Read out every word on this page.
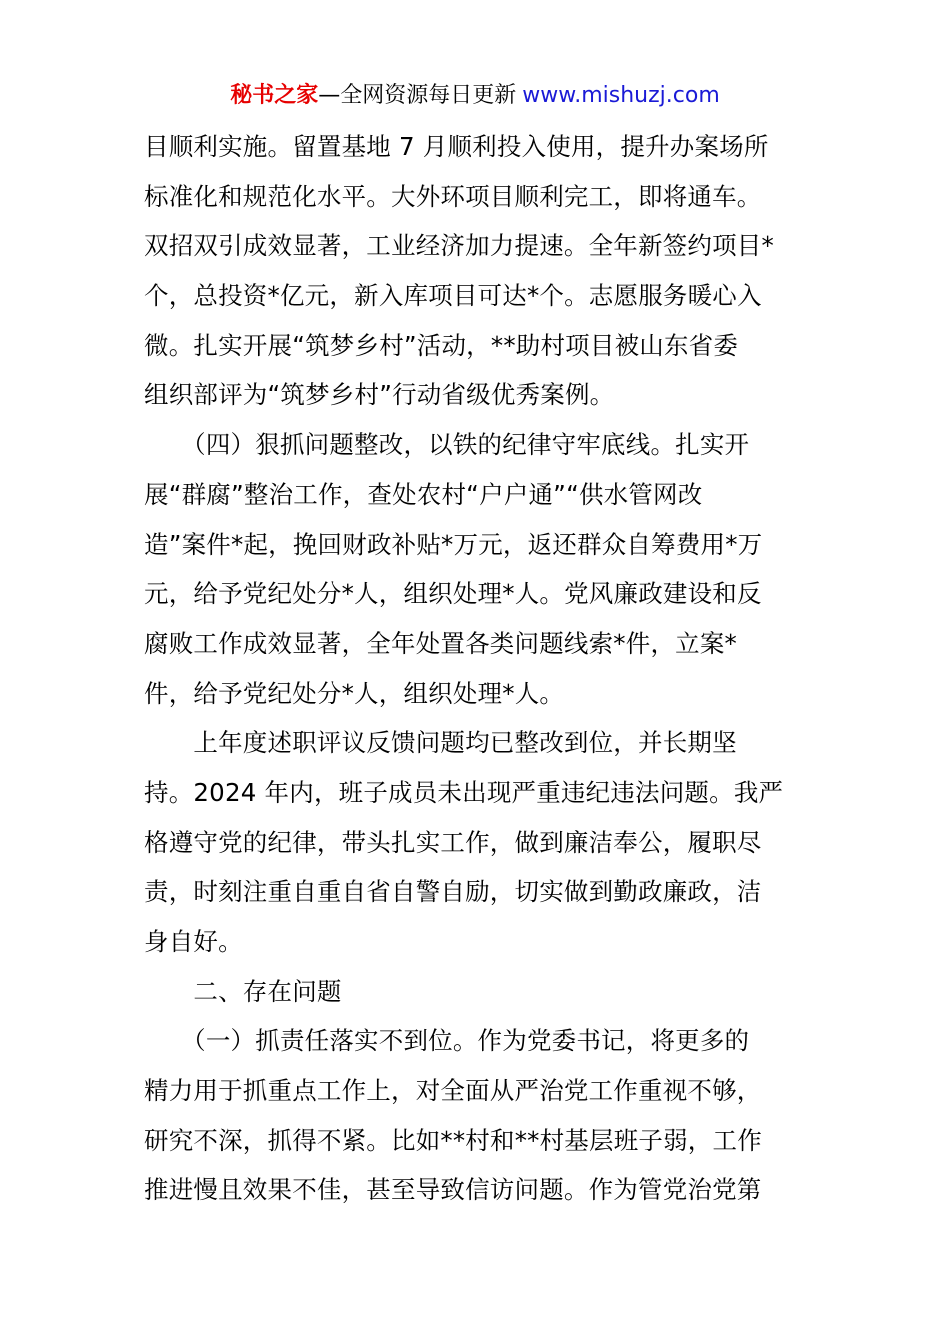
秘书之家—全网资源每日更新 www.mishuzj.com
目顺利实施。留置基地 7 月顺利投入使用，提升办案场所
标准化和规范化水平。大外环项目顺利完工，即将通车。
双招双引成效显著，工业经济加力提速。全年新签约项目*
个，总投资*亿元，新入库项目可达*个。志愿服务暖心入
微。扎实开展“筑梦乡村”活动，**助村项目被山东省委
组织部评为“筑梦乡村”行动省级优秀案例。
　　（四）狠抓问题整改，以铁的纪律守牢底线。扎实开
展“群腐”整治工作，查处农村“户户通”“供水管网改
造”案件*起，挽回财政补贴*万元，返还群众自筹费用*万
元，给予党纪处分*人，组织处理*人。党风廉政建设和反
腐败工作成效显著，全年处置各类问题线索*件，立案*
件，给予党纪处分*人，组织处理*人。
　　上年度述职评议反馈问题均已整改到位，并长期坚
持。2024 年内，班子成员未出现严重违纪违法问题。我严
格遵守党的纪律，带头扎实工作，做到廉洁奉公，履职尽
责，时刻注重自重自省自警自励，切实做到勤政廉政，洁
身自好。
　　二、存在问题
　　（一）抓责任落实不到位。作为党委书记，将更多的
精力用于抓重点工作上，对全面从严治党工作重视不够，
研究不深，抓得不紧。比如**村和**村基层班子弱，工作
推进慢且效果不佳，甚至导致信访问题。作为管党治党第
